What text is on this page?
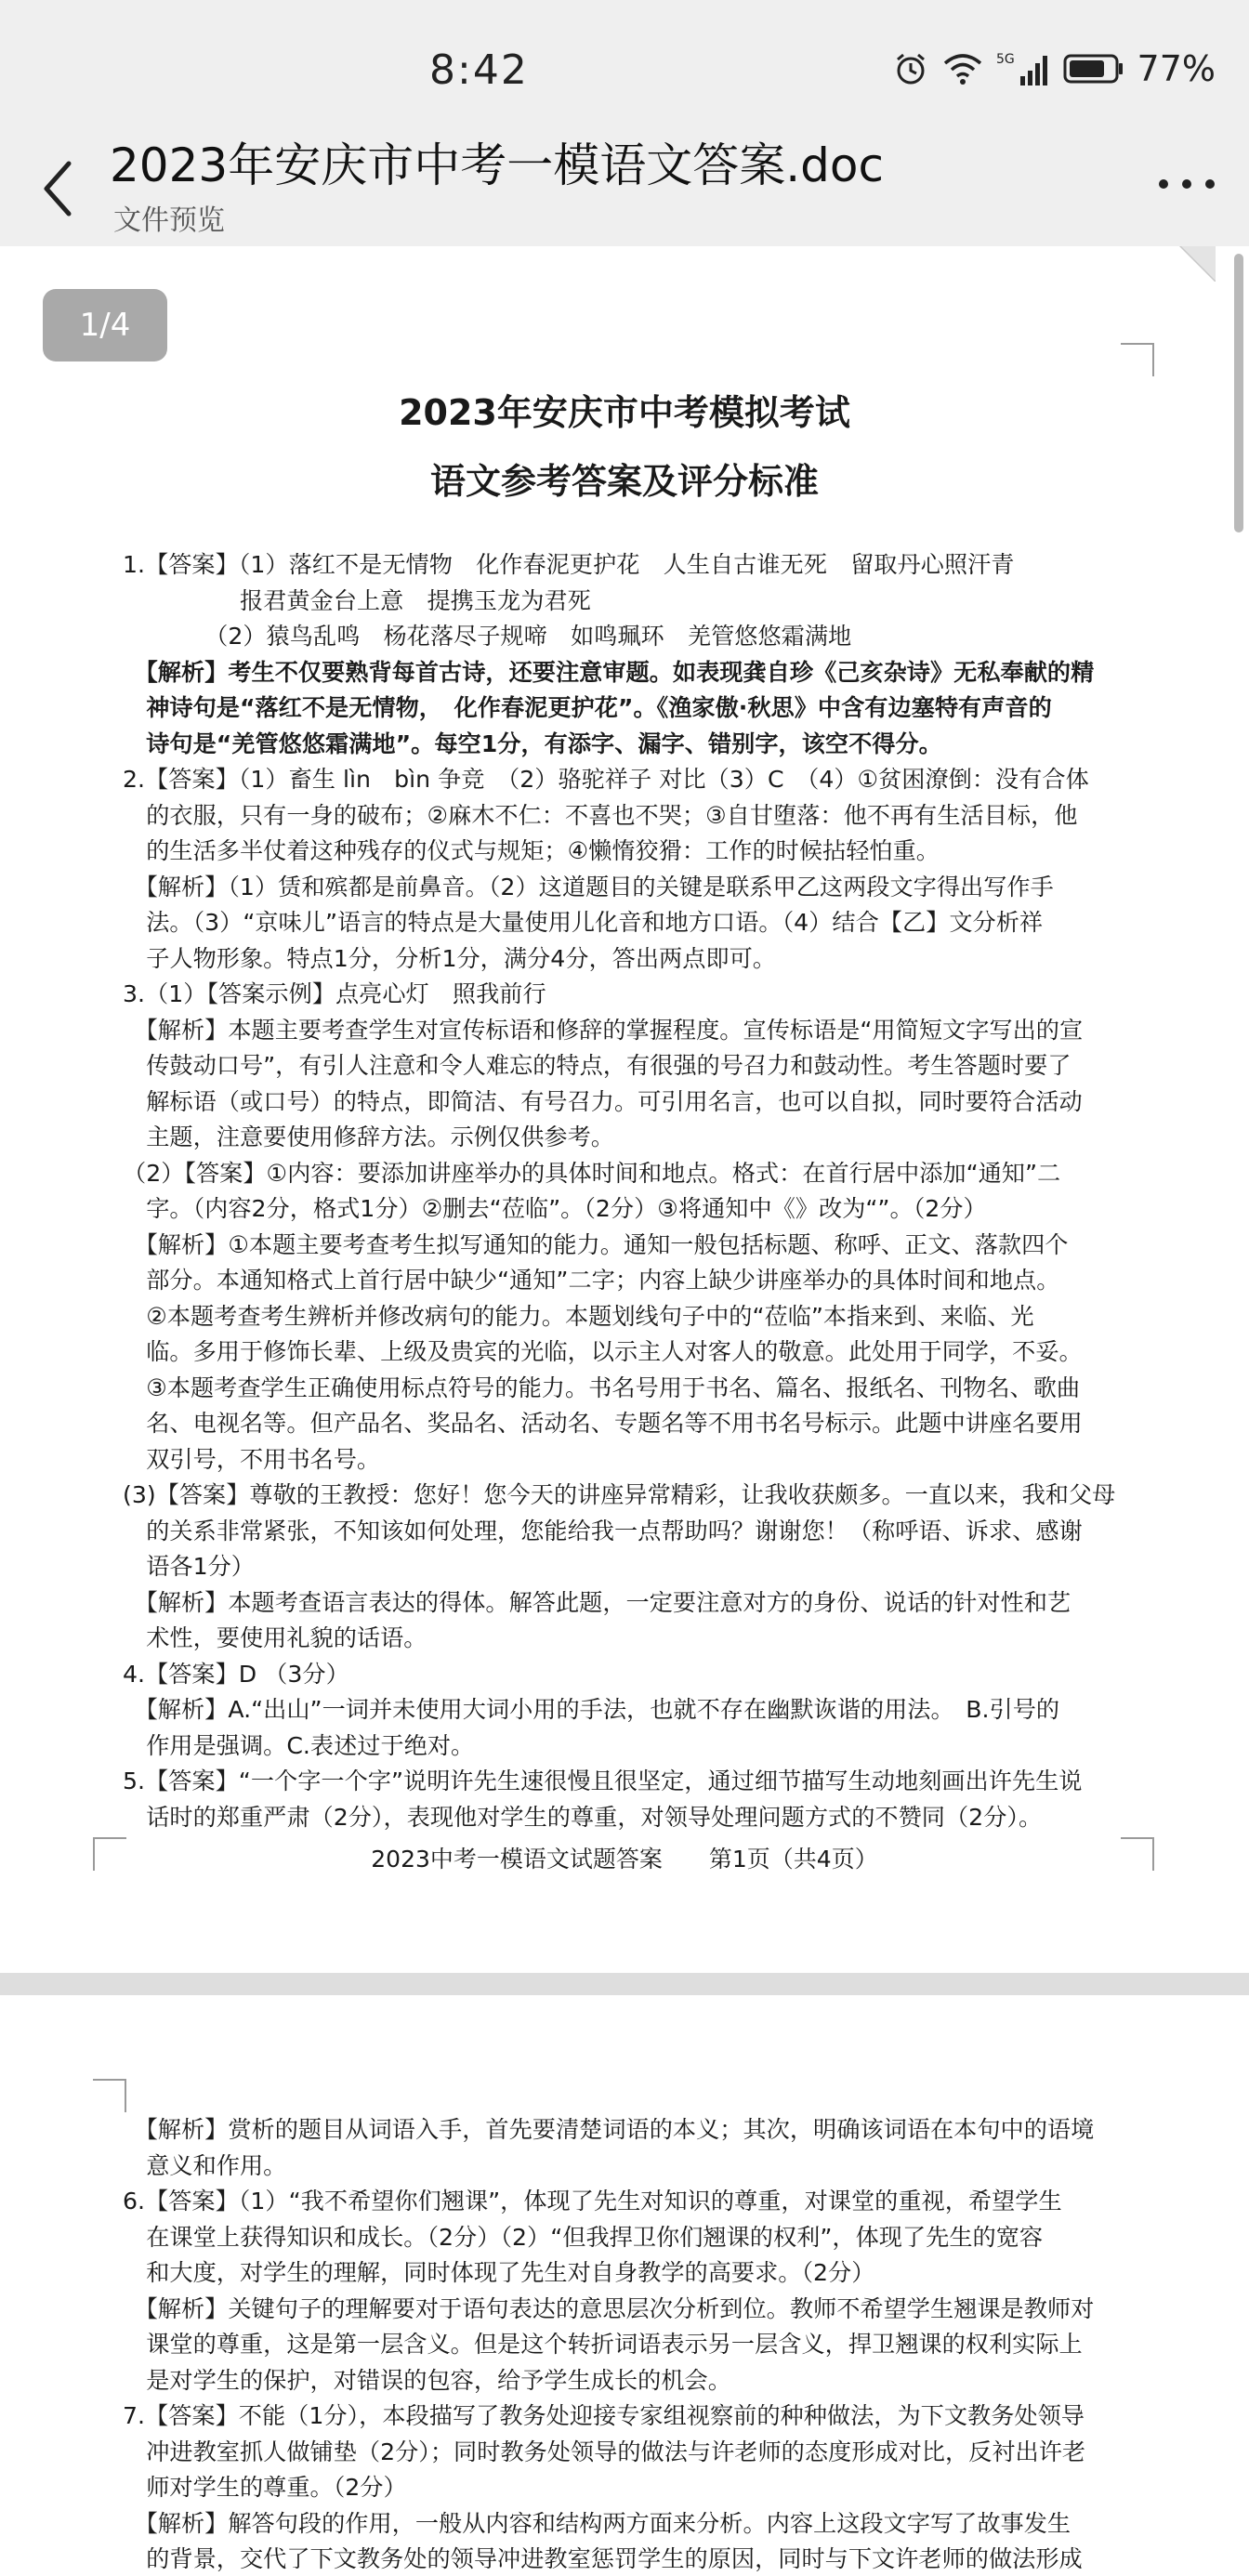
8:42	5G	77%
2023年安庆市中考一模语文答案.doc
文件预览
2023年安庆市中考模拟考试
语文参考答案及评分标准
1.【答案】（1）落红不是无情物　化作春泥更护花　人生自古谁无死　留取丹心照汗青
　　　　　报君黄金台上意　提携玉龙为君死
　　　　（2）猿鸟乱鸣　杨花落尽子规啼　如鸣珮环　羌管悠悠霜满地
　【解析】考生不仅要熟背每首古诗，还要注意审题。如表现龚自珍《己亥杂诗》无私奉献的精
　神诗句是“落红不是无情物，　化作春泥更护花”。《渔家傲·秋思》中含有边塞特有声音的
　诗句是“羌管悠悠霜满地”。每空1分，有添字、漏字、错别字，该空不得分。
2.【答案】（1）畜生 lìn　bìn 争竞　（2）骆驼祥子 对比（3）C　（4）①贫困潦倒：没有合体
　的衣服，只有一身的破布；②麻木不仁：不喜也不哭；③自甘堕落：他不再有生活目标，他
　的生活多半仗着这种残存的仪式与规矩；④懒惰狡猾：工作的时候拈轻怕重。
　【解析】（1）赁和殡都是前鼻音。（2）这道题目的关键是联系甲乙这两段文字得出写作手
　法。（3）“京味儿”语言的特点是大量使用儿化音和地方口语。（4）结合【乙】文分析祥
　子人物形象。特点1分，分析1分，满分4分，答出两点即可。
3.（1）【答案示例】点亮心灯　照我前行
　【解析】本题主要考查学生对宣传标语和修辞的掌握程度。宣传标语是“用简短文字写出的宣
　传鼓动口号”，有引人注意和令人难忘的特点，有很强的号召力和鼓动性。考生答题时要了
　解标语（或口号）的特点，即简洁、有号召力。可引用名言，也可以自拟，同时要符合活动
　主题，注意要使用修辞方法。示例仅供参考。
（2）【答案】①内容：要添加讲座举办的具体时间和地点。格式：在首行居中添加“通知”二
　字。（内容2分，格式1分）②删去“莅临”。（2分）③将通知中《》改为“”。（2分）
　【解析】①本题主要考查考生拟写通知的能力。通知一般包括标题、称呼、正文、落款四个
　部分。本通知格式上首行居中缺少“通知”二字；内容上缺少讲座举办的具体时间和地点。
　②本题考查考生辨析并修改病句的能力。本题划线句子中的“莅临”本指来到、来临、光
　临。多用于修饰长辈、上级及贵宾的光临，以示主人对客人的敬意。此处用于同学，不妥。
　③本题考查学生正确使用标点符号的能力。书名号用于书名、篇名、报纸名、刊物名、歌曲
　名、电视名等。但产品名、奖品名、活动名、专题名等不用书名号标示。此题中讲座名要用
　双引号，不用书名号。
(3)【答案】尊敬的王教授：您好！您今天的讲座异常精彩，让我收获颇多。一直以来，我和父母
　的关系非常紧张，不知该如何处理，您能给我一点帮助吗？谢谢您！（称呼语、诉求、感谢
　语各1分）
　【解析】本题考查语言表达的得体。解答此题，一定要注意对方的身份、说话的针对性和艺
　术性，要使用礼貌的话语。
4.【答案】D （3分）
　【解析】A.“出山”一词并未使用大词小用的手法，也就不存在幽默诙谐的用法。　B.引号的
　作用是强调。C.表述过于绝对。
5.【答案】“一个字一个字”说明许先生速很慢且很坚定，通过细节描写生动地刻画出许先生说
　话时的郑重严肃（2分），表现他对学生的尊重，对领导处理问题方式的不赞同（2分）。
2023中考一模语文试题答案　　第1页（共4页）
　【解析】赏析的题目从词语入手，首先要清楚词语的本义；其次，明确该词语在本句中的语境
　意义和作用。
6.【答案】（1）“我不希望你们翘课”，体现了先生对知识的尊重，对课堂的重视，希望学生
　在课堂上获得知识和成长。（2分）（2）“但我捍卫你们翘课的权利”，体现了先生的宽容
　和大度，对学生的理解，同时体现了先生对自身教学的高要求。（2分）
　【解析】关键句子的理解要对于语句表达的意思层次分析到位。教师不希望学生翘课是教师对
　课堂的尊重，这是第一层含义。但是这个转折词语表示另一层含义，捍卫翘课的权利实际上
　是对学生的保护，对错误的包容，给予学生成长的机会。
7.【答案】不能（1分），本段描写了教务处迎接专家组视察前的种种做法，为下文教务处领导
　冲进教室抓人做铺垫（2分）；同时教务处领导的做法与许老师的态度形成对比，反衬出许老
　师对学生的尊重。（2分）
　【解析】解答句段的作用，一般从内容和结构两方面来分析。内容上这段文字写了故事发生
　的背景，交代了下文教务处的领导冲进教室惩罚学生的原因，同时与下文许老师的做法形成
1/4
